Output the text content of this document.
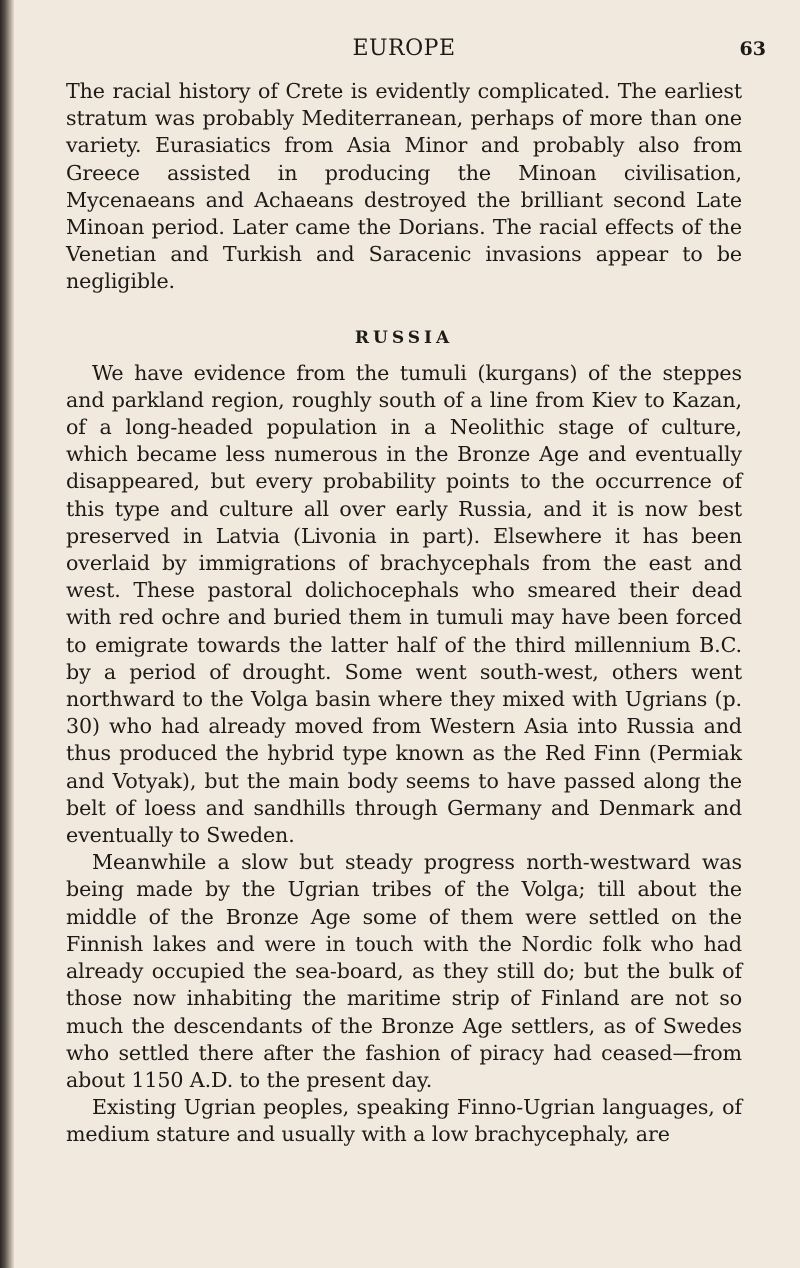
EUROPE	63

The racial history of Crete is evidently complicated. The earliest stratum was probably Mediterranean, perhaps of more than one variety. Eurasiatics from Asia Minor and probably also from Greece assisted in producing the Minoan civilisation, Mycenaeans and Achaeans destroyed the brilliant second Late Minoan period. Later came the Dorians. The racial effects of the Venetian and Turkish and Saracenic invasions appear to be negligible.

RUSSIA

We have evidence from the tumuli (kurgans) of the steppes and parkland region, roughly south of a line from Kiev to Kazan, of a long-headed population in a Neolithic stage of culture, which became less numerous in the Bronze Age and eventually disappeared, but every probability points to the occurrence of this type and culture all over early Russia, and it is now best preserved in Latvia (Livonia in part). Elsewhere it has been overlaid by immigrations of brachycephals from the east and west. These pastoral dolichocephals who smeared their dead with red ochre and buried them in tumuli may have been forced to emigrate towards the latter half of the third millennium B.C. by a period of drought. Some went south-west, others went northward to the Volga basin where they mixed with Ugrians (p. 30) who had already moved from Western Asia into Russia and thus produced the hybrid type known as the Red Finn (Permiak and Votyak), but the main body seems to have passed along the belt of loess and sandhills through Germany and Denmark and eventually to Sweden.

Meanwhile a slow but steady progress north-westward was being made by the Ugrian tribes of the Volga; till about the middle of the Bronze Age some of them were settled on the Finnish lakes and were in touch with the Nordic folk who had already occupied the sea-board, as they still do; but the bulk of those now inhabiting the maritime strip of Finland are not so much the descendants of the Bronze Age settlers, as of Swedes who settled there after the fashion of piracy had ceased—from about 1150 A.D. to the present day.

Existing Ugrian peoples, speaking Finno-Ugrian languages, of medium stature and usually with a low brachycephaly, are
